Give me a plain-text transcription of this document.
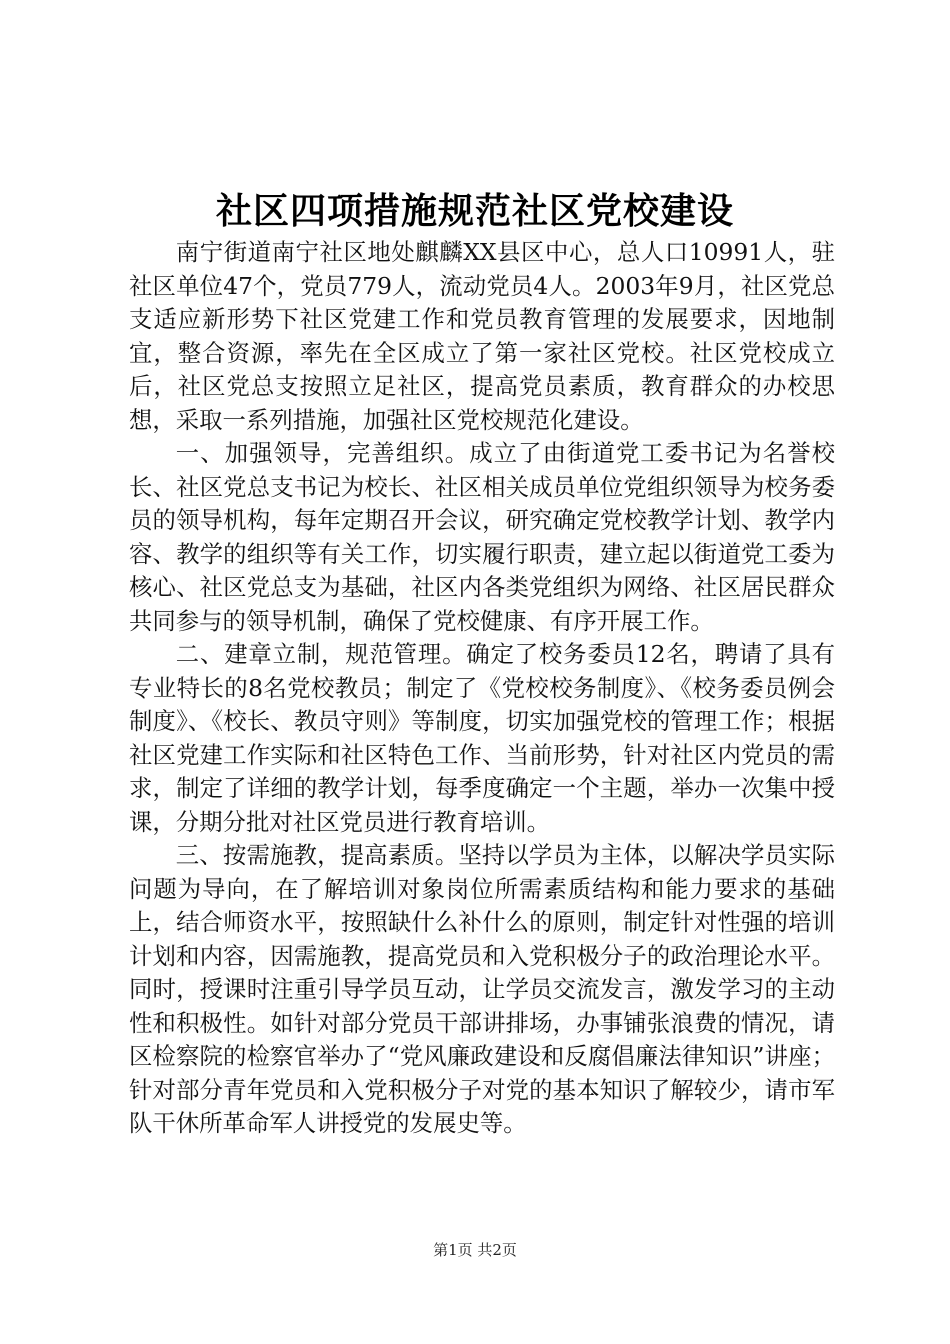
社区四项措施规范社区党校建设

南宁街道南宁社区地处麒麟XX县区中心，总人口10991人，驻社区单位47个，党员779人，流动党员4人。2003年9月，社区党总支适应新形势下社区党建工作和党员教育管理的发展要求，因地制宜，整合资源，率先在全区成立了第一家社区党校。社区党校成立后，社区党总支按照立足社区，提高党员素质，教育群众的办校思想，采取一系列措施，加强社区党校规范化建设。

一、加强领导，完善组织。成立了由街道党工委书记为名誉校长、社区党总支书记为校长、社区相关成员单位党组织领导为校务委员的领导机构，每年定期召开会议，研究确定党校教学计划、教学内容、教学的组织等有关工作，切实履行职责，建立起以街道党工委为核心、社区党总支为基础，社区内各类党组织为网络、社区居民群众共同参与的领导机制，确保了党校健康、有序开展工作。

二、建章立制，规范管理。确定了校务委员12名，聘请了具有专业特长的8名党校教员；制定了《党校校务制度》、《校务委员例会制度》、《校长、教员守则》等制度，切实加强党校的管理工作；根据社区党建工作实际和社区特色工作、当前形势，针对社区内党员的需求，制定了详细的教学计划，每季度确定一个主题，举办一次集中授课，分期分批对社区党员进行教育培训。

三、按需施教，提高素质。坚持以学员为主体，以解决学员实际问题为导向，在了解培训对象岗位所需素质结构和能力要求的基础上，结合师资水平，按照缺什么补什么的原则，制定针对性强的培训计划和内容，因需施教，提高党员和入党积极分子的政治理论水平。同时，授课时注重引导学员互动，让学员交流发言，激发学习的主动性和积极性。如针对部分党员干部讲排场，办事铺张浪费的情况，请区检察院的检察官举办了“党风廉政建设和反腐倡廉法律知识”讲座；针对部分青年党员和入党积极分子对党的基本知识了解较少，请市军队干休所革命军人讲授党的发展史等。

第1页 共2页
